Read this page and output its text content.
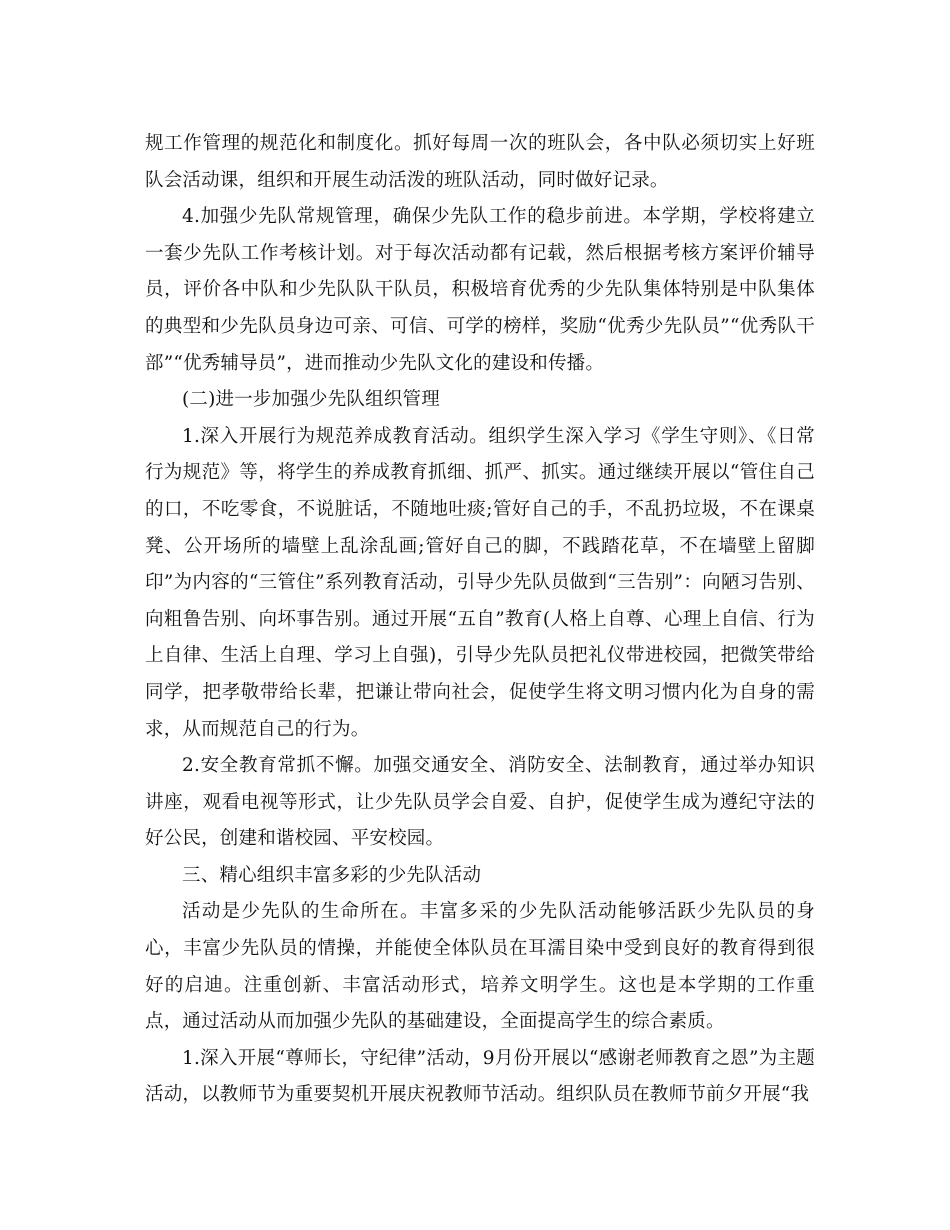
规工作管理的规范化和制度化。抓好每周一次的班队会，各中队必须切实上好班队会活动课，组织和开展生动活泼的班队活动，同时做好记录。

4.加强少先队常规管理，确保少先队工作的稳步前进。本学期，学校将建立一套少先队工作考核计划。对于每次活动都有记载，然后根据考核方案评价辅导员，评价各中队和少先队队干队员，积极培育优秀的少先队集体特别是中队集体的典型和少先队员身边可亲、可信、可学的榜样，奖励“优秀少先队员”“优秀队干部”“优秀辅导员”，进而推动少先队文化的建设和传播。

(二)进一步加强少先队组织管理

1.深入开展行为规范养成教育活动。组织学生深入学习《学生守则》、《日常行为规范》等，将学生的养成教育抓细、抓严、抓实。通过继续开展以“管住自己的口，不吃零食，不说脏话，不随地吐痰;管好自己的手，不乱扔垃圾，不在课桌凳、公开场所的墙壁上乱涂乱画;管好自己的脚，不践踏花草，不在墙壁上留脚印”为内容的“三管住”系列教育活动，引导少先队员做到“三告别”：向陋习告别、向粗鲁告别、向坏事告别。通过开展“五自”教育(人格上自尊、心理上自信、行为上自律、生活上自理、学习上自强)，引导少先队员把礼仪带进校园，把微笑带给同学，把孝敬带给长辈，把谦让带向社会，促使学生将文明习惯内化为自身的需求，从而规范自己的行为。

2.安全教育常抓不懈。加强交通安全、消防安全、法制教育，通过举办知识讲座，观看电视等形式，让少先队员学会自爱、自护，促使学生成为遵纪守法的好公民，创建和谐校园、平安校园。

三、精心组织丰富多彩的少先队活动

活动是少先队的生命所在。丰富多采的少先队活动能够活跃少先队员的身心，丰富少先队员的情操，并能使全体队员在耳濡目染中受到良好的教育得到很好的启迪。注重创新、丰富活动形式，培养文明学生。这也是本学期的工作重点，通过活动从而加强少先队的基础建设，全面提高学生的综合素质。

1.深入开展“尊师长，守纪律”活动，9月份开展以“感谢老师教育之恩”为主题活动，以教师节为重要契机开展庆祝教师节活动。组织队员在教师节前夕开展“我
